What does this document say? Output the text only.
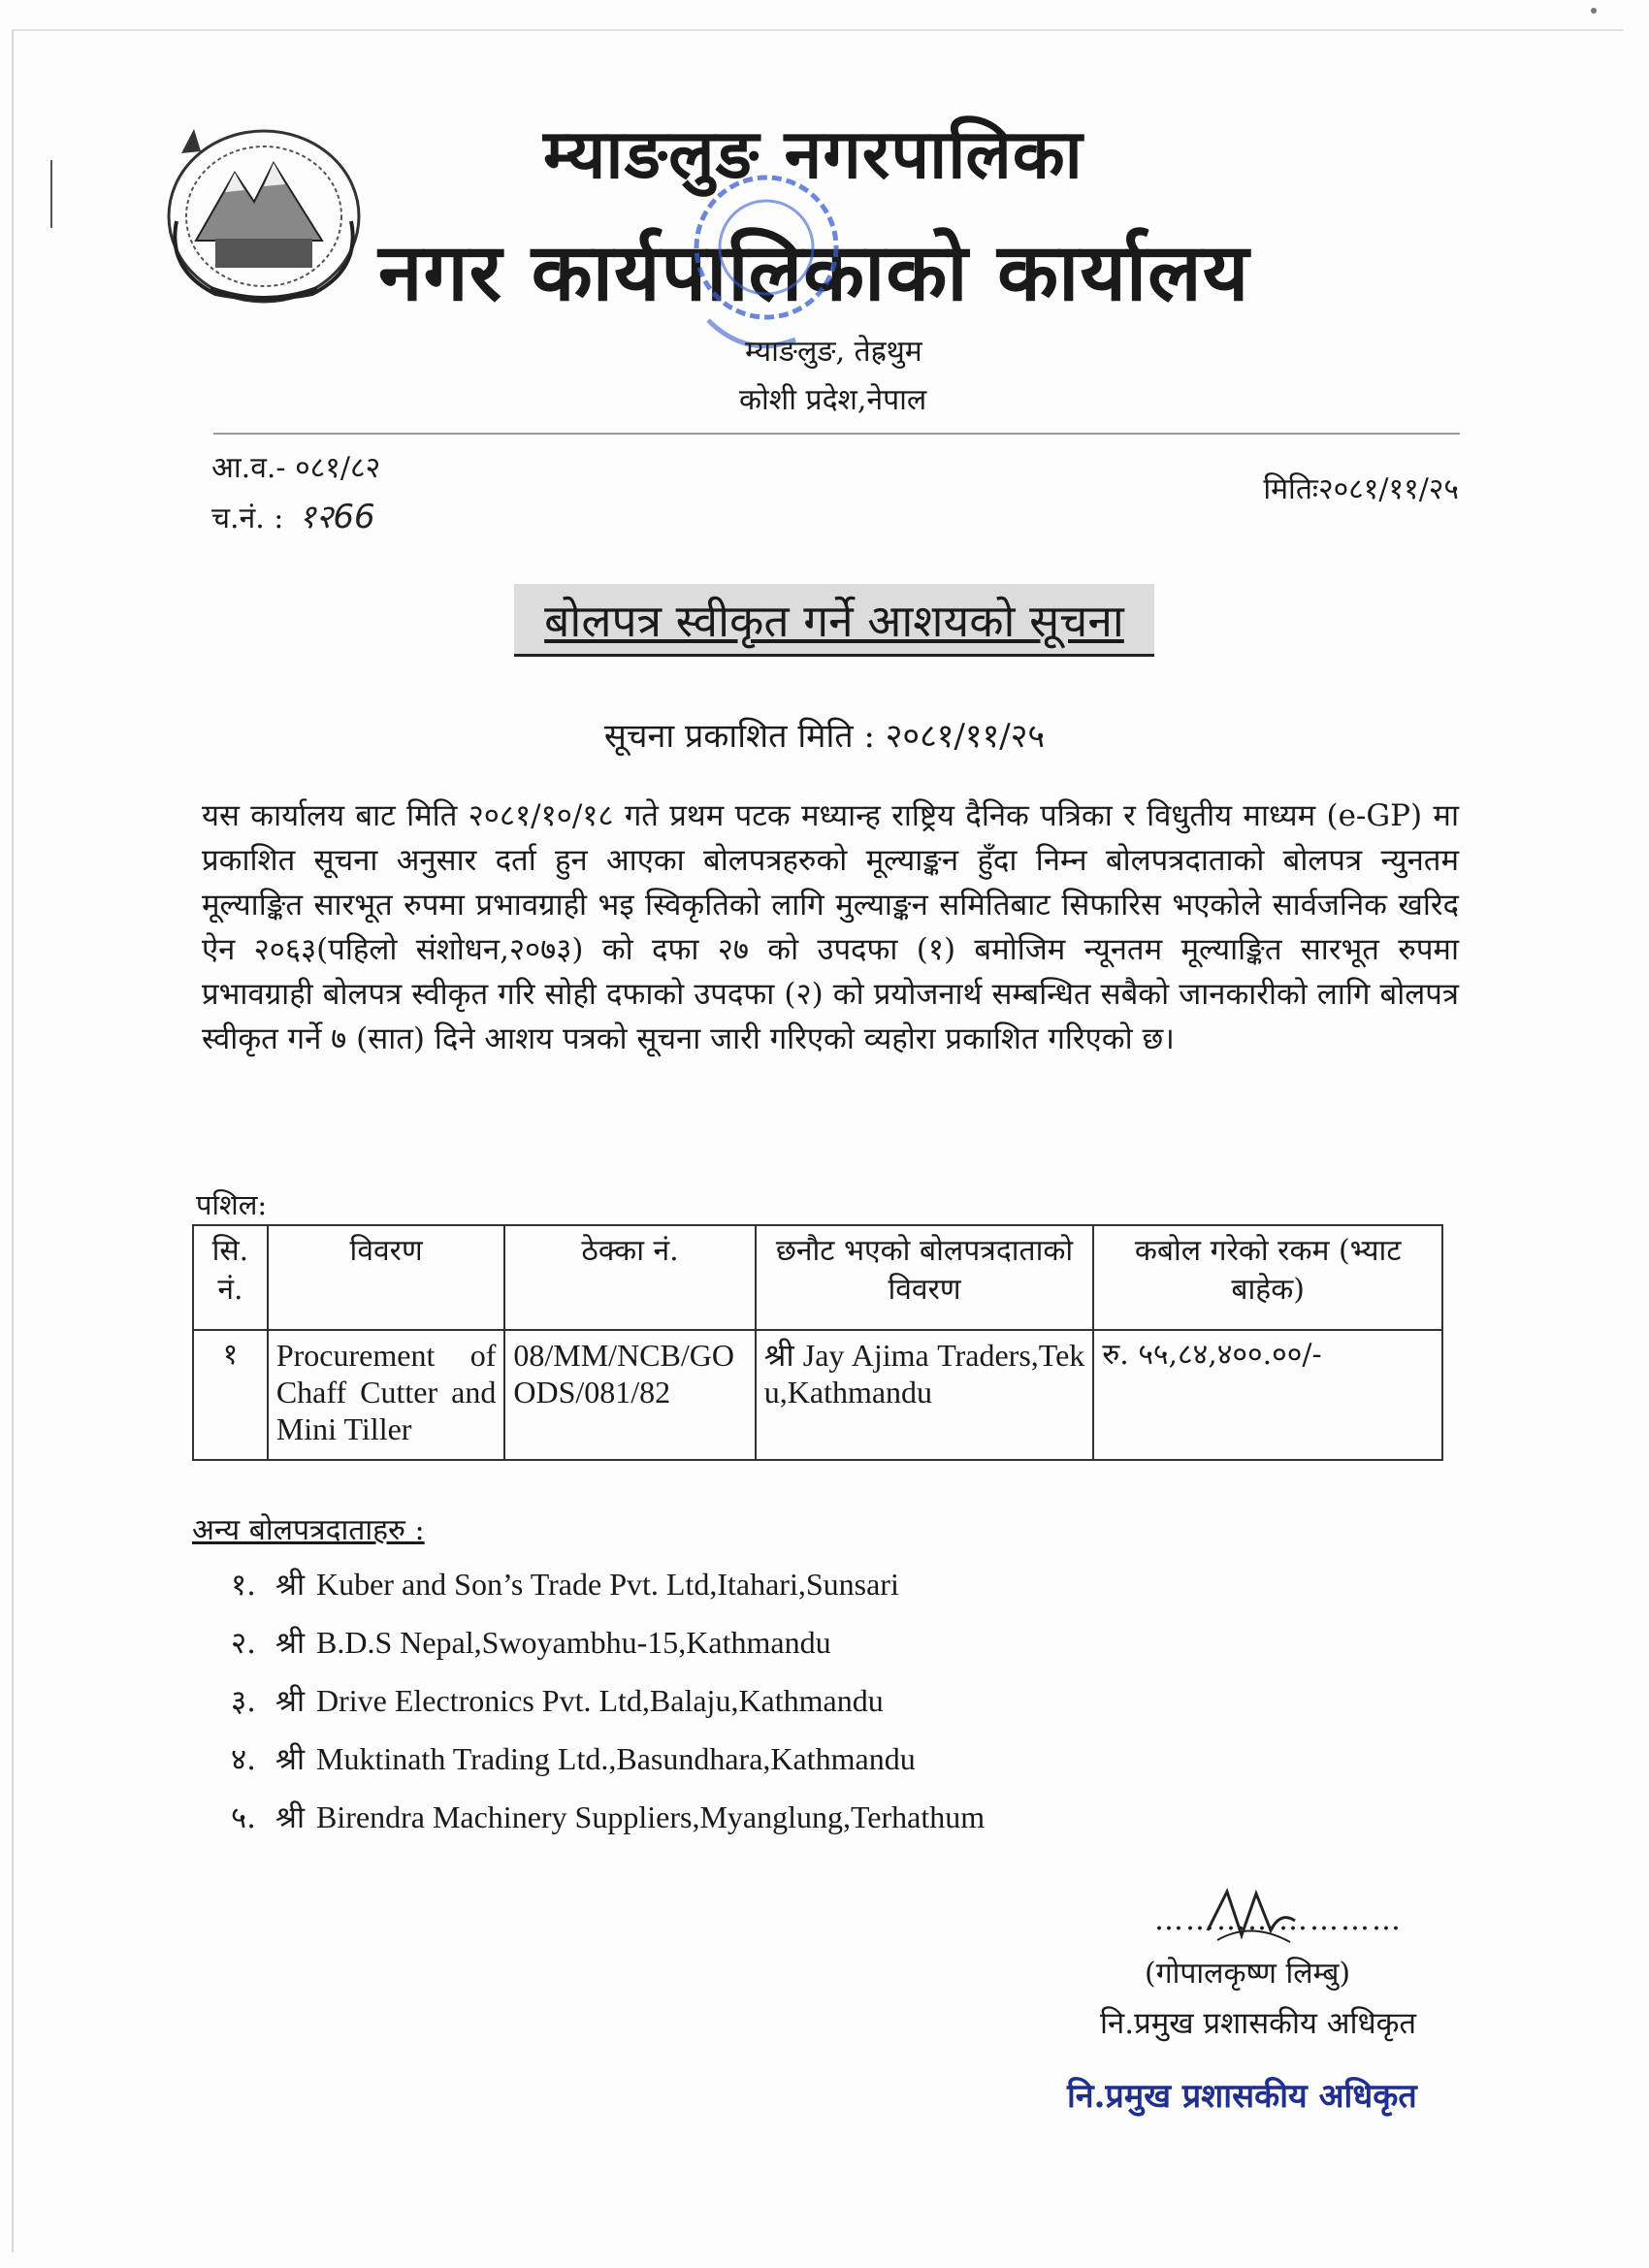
म्याङलुङ नगरपालिका
नगर कार्यपालिकाको कार्यालय
म्याङलुङ, तेह्रथुम
कोशी प्रदेश,नेपाल
आ.व.- ०८१/८२
च.नं. : १२66
मितिः२०८१/११/२५
बोलपत्र स्वीकृत गर्ने आशयको सूचना
सूचना प्रकाशित मिति : २०८१/११/२५
यस कार्यालय बाट मिति २०८१/१०/१८ गते प्रथम पटक मध्यान्ह राष्ट्रिय दैनिक पत्रिका र विधुतीय माध्यम (e-GP) मा प्रकाशित सूचना अनुसार दर्ता हुन आएका बोलपत्रहरुको मूल्याङ्कन हुँदा निम्न बोलपत्रदाताको बोलपत्र न्युनतम मूल्याङ्कित सारभूत रुपमा प्रभावग्राही भइ स्विकृतिको लागि मुल्याङ्कन समितिबाट सिफारिस भएकोले सार्वजनिक खरिद ऐन २०६३(पहिलो संशोधन,२०७३) को दफा २७ को उपदफा (१) बमोजिम न्यूनतम मूल्याङ्कित सारभूत रुपमा प्रभावग्राही बोलपत्र स्वीकृत गरि सोही दफाको उपदफा (२) को प्रयोजनार्थ सम्बन्धित सबैको जानकारीको लागि बोलपत्र स्वीकृत गर्ने ७ (सात) दिने आशय पत्रको सूचना जारी गरिएको व्यहोरा प्रकाशित गरिएको छ।
पशिल:
सि. नं.	विवरण	ठेक्का नं.	छनौट भएको बोलपत्रदाताको विवरण	कबोल गरेको रकम (भ्याट बाहेक)
१	Procurement of Chaff Cutter and Mini Tiller	08/MM/NCB/GOODS/081/82	श्री Jay Ajima Traders,Teku,Kathmandu	रु. ५५,८४,४००.००/-
अन्य बोलपत्रदाताहरु :
१. श्री Kuber and Son’s Trade Pvt. Ltd,Itahari,Sunsari
२. श्री B.D.S Nepal,Swoyambhu-15,Kathmandu
३. श्री Drive Electronics Pvt. Ltd,Balaju,Kathmandu
४. श्री Muktinath Trading Ltd.,Basundhara,Kathmandu
५. श्री Birendra Machinery Suppliers,Myanglung,Terhathum
……………………
(गोपालकृष्ण लिम्बु)
नि.प्रमुख प्रशासकीय अधिकृत
नि.प्रमुख प्रशासकीय अधिकृत
